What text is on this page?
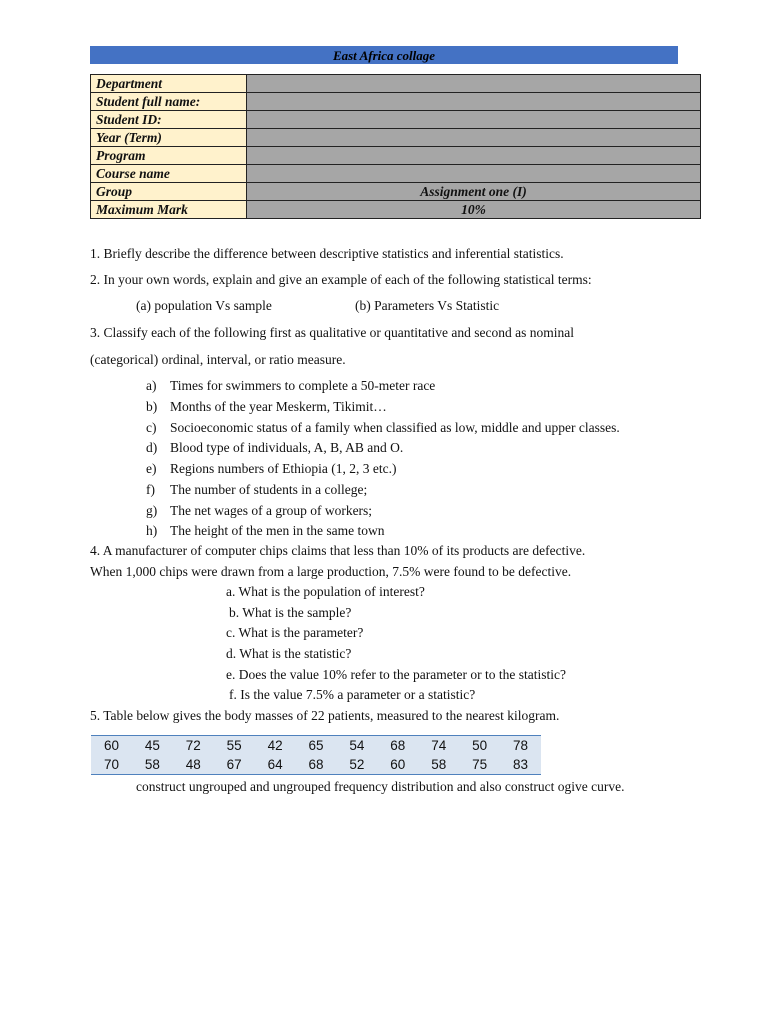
East Africa collage
Department	
Student full name:	
Student ID:	
Year (Term)	
Program	
Course name	
Group	Assignment one (I)
Maximum Mark	10%

1. Briefly describe the difference between descriptive statistics and inferential statistics.

2. In your own words, explain and give an example of each of the following statistical terms:

(a) population Vs sample	(b) Parameters Vs Statistic

3. Classify each of the following first as qualitative or quantitative and second as nominal

(categorical) ordinal, interval, or ratio measure.

a) Times for swimmers to complete a 50-meter race
b) Months of the year Meskerm, Tikimit…
c) Socioeconomic status of a family when classified as low, middle and upper classes.
d) Blood type of individuals, A, B, AB and O.
e) Regions numbers of Ethiopia (1, 2, 3 etc.)
f) The number of students in a college;
g) The net wages of a group of workers;
h) The height of the men in the same town

4. A manufacturer of computer chips claims that less than 10% of its products are defective.

When 1,000 chips were drawn from a large production, 7.5% were found to be defective.

a. What is the population of interest?
b. What is the sample?
c. What is the parameter?
d. What is the statistic?
e. Does the value 10% refer to the parameter or to the statistic?
f. Is the value 7.5% a parameter or a statistic?

5. Table below gives the body masses of 22 patients, measured to the nearest kilogram.

60	45	72	55	42	65	54	68	74	50	78
70	58	48	67	64	68	52	60	58	75	83
construct ungrouped and ungrouped frequency distribution and also construct ogive curve.
